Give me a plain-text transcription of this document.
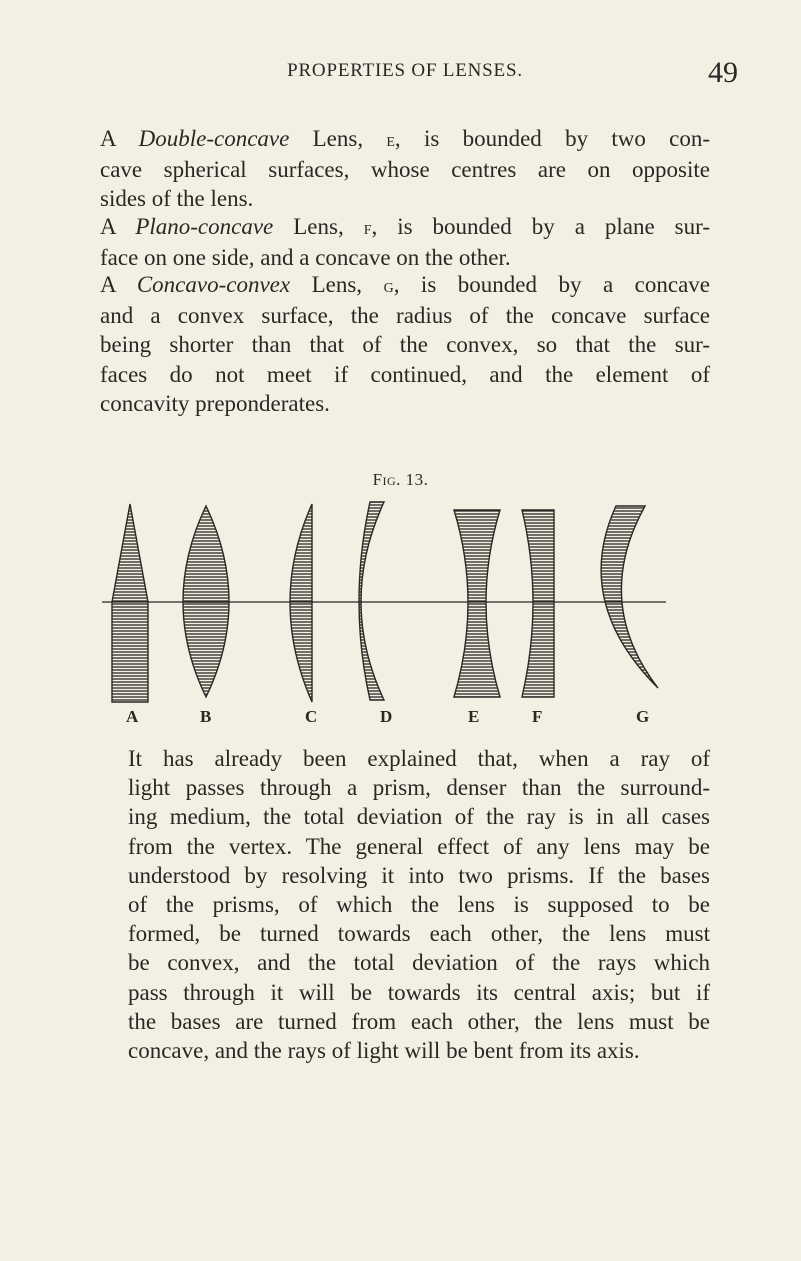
PROPERTIES OF LENSES.	49

A Double-concave Lens, e, is bounded by two con-
cave spherical surfaces, whose centres are on opposite
sides of the lens.

A Plano-concave Lens, f, is bounded by a plane sur-
face on one side, and a concave on the other.

A Concavo-convex Lens, g, is bounded by a concave
and a convex surface, the radius of the concave surface
being shorter than that of the convex, so that the sur-
faces do not meet if continued, and the element of
concavity preponderates.

Fig. 13.
A	B	C	D	E	F	G

It has already been explained that, when a ray of
light passes through a prism, denser than the surround-
ing medium, the total deviation of the ray is in all cases
from the vertex. The general effect of any lens may be
understood by resolving it into two prisms. If the bases
of the prisms, of which the lens is supposed to be
formed, be turned towards each other, the lens must
be convex, and the total deviation of the rays which
pass through it will be towards its central axis; but if
the bases are turned from each other, the lens must be
concave, and the rays of light will be bent from its axis.
